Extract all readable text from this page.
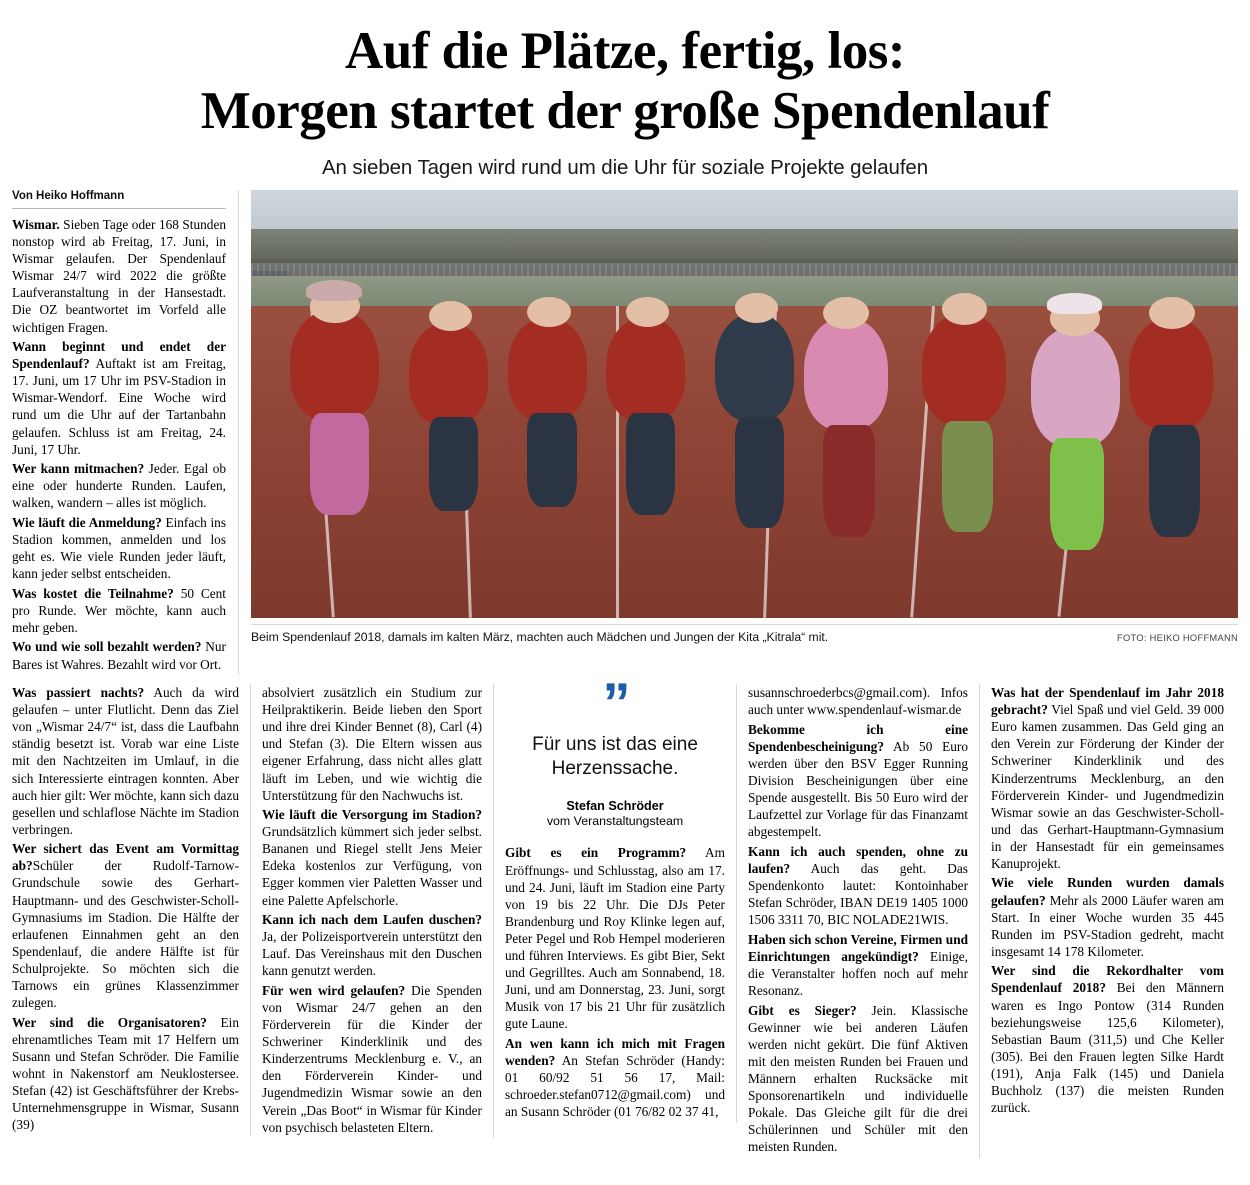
Auf die Plätze, fertig, los:
Morgen startet der große Spendenlauf
An sieben Tagen wird rund um die Uhr für soziale Projekte gelaufen
Von Heiko Hoffmann

Wismar. Sieben Tage oder 168 Stunden nonstop wird ab Freitag, 17. Juni, in Wismar gelaufen. Der Spendenlauf Wismar 24/7 wird 2022 die größte Laufveranstaltung in der Hansestadt. Die OZ beantwortet im Vorfeld alle wichtigen Fragen.

Wann beginnt und endet der Spendenlauf? Auftakt ist am Freitag, 17. Juni, um 17 Uhr im PSV-Stadion in Wismar-Wendorf. Eine Woche wird rund um die Uhr auf der Tartanbahn gelaufen. Schluss ist am Freitag, 24. Juni, 17 Uhr.

Wer kann mitmachen? Jeder. Egal ob eine oder hunderte Runden. Laufen, walken, wandern – alles ist möglich.

Wie läuft die Anmeldung? Einfach ins Stadion kommen, anmelden und los geht es. Wie viele Runden jeder läuft, kann jeder selbst entscheiden.

Was kostet die Teilnahme? 50 Cent pro Runde. Wer möchte, kann auch mehr geben.

Wo und wie soll bezahlt werden? Nur Bares ist Wahres. Bezahlt wird vor Ort.

Beim Spendenlauf 2018, damals im kalten März, machten auch Mädchen und Jungen der Kita „Kitrala“ mit.	FOTO: HEIKO HOFFMANN

Was passiert nachts? Auch da wird gelaufen – unter Flutlicht. Denn das Ziel von „Wismar 24/7“ ist, dass die Laufbahn ständig besetzt ist. Vorab war eine Liste mit den Nachtzeiten im Umlauf, in die sich Interessierte eintragen konnten. Aber auch hier gilt: Wer möchte, kann sich dazu gesellen und schlaflose Nächte im Stadion verbringen.

Wer sichert das Event am Vormittag ab?Schüler der Rudolf-Tarnow-Grundschule sowie des Gerhart-Hauptmann- und des Geschwister-Scholl-Gymnasiums im Stadion. Die Hälfte der erlaufenen Einnahmen geht an den Spendenlauf, die andere Hälfte ist für Schulprojekte. So möchten sich die Tarnows ein grünes Klassenzimmer zulegen.

Wer sind die Organisatoren? Ein ehrenamtliches Team mit 17 Helfern um Susann und Stefan Schröder. Die Familie wohnt in Nakenstorf am Neuklostersee. Stefan (42) ist Geschäftsführer der Krebs-Unternehmensgruppe in Wismar, Susann (39)

absolviert zusätzlich ein Studium zur Heilpraktikerin. Beide lieben den Sport und ihre drei Kinder Bennet (8), Carl (4) und Stefan (3). Die Eltern wissen aus eigener Erfahrung, dass nicht alles glatt läuft im Leben, und wie wichtig die Unterstützung für den Nachwuchs ist.

Wie läuft die Versorgung im Stadion? Grundsätzlich kümmert sich jeder selbst. Bananen und Riegel stellt Jens Meier Edeka kostenlos zur Verfügung, von Egger kommen vier Paletten Wasser und eine Palette Apfelschorle.

Kann ich nach dem Laufen duschen? Ja, der Polizeisportverein unterstützt den Lauf. Das Vereinshaus mit den Duschen kann genutzt werden.

Für wen wird gelaufen? Die Spenden von Wismar 24/7 gehen an den Förderverein für die Kinder der Schweriner Kinderklinik und des Kinderzentrums Mecklenburg e. V., an den Förderverein Kinder- und Jugendmedizin Wismar sowie an den Verein „Das Boot“ in Wismar für Kinder von psychisch belasteten Eltern.

”
Für uns ist das eine Herzenssache.
Stefan Schröder
vom Veranstaltungsteam

Gibt es ein Programm? Am Eröffnungs- und Schlusstag, also am 17. und 24. Juni, läuft im Stadion eine Party von 19 bis 22 Uhr. Die DJs Peter Brandenburg und Roy Klinke legen auf, Peter Pegel und Rob Hempel moderieren und führen Interviews. Es gibt Bier, Sekt und Gegrilltes. Auch am Sonnabend, 18. Juni, und am Donnerstag, 23. Juni, sorgt Musik von 17 bis 21 Uhr für zusätzlich gute Laune.

An wen kann ich mich mit Fragen wenden? An Stefan Schröder (Handy: 01 60/92 51 56 17, Mail: schroeder.stefan0712@gmail.com) und an Susann Schröder (01 76/82 02 37 41,

susannschroederbcs@gmail.com). Infos auch unter www.spendenlauf-wismar.de

Bekomme ich eine Spendenbescheinigung? Ab 50 Euro werden über den BSV Egger Running Division Bescheinigungen über eine Spende ausgestellt. Bis 50 Euro wird der Laufzettel zur Vorlage für das Finanzamt abgestempelt.

Kann ich auch spenden, ohne zu laufen? Auch das geht. Das Spendenkonto lautet: Kontoinhaber Stefan Schröder, IBAN DE19 1405 1000 1506 3311 70, BIC NOLADE21WIS.

Haben sich schon Vereine, Firmen und Einrichtungen angekündigt? Einige, die Veranstalter hoffen noch auf mehr Resonanz.

Gibt es Sieger? Jein. Klassische Gewinner wie bei anderen Läufen werden nicht gekürt. Die fünf Aktiven mit den meisten Runden bei Frauen und Männern erhalten Rucksäcke mit Sponsorenartikeln und individuelle Pokale. Das Gleiche gilt für die drei Schülerinnen und Schüler mit den meisten Runden.

Was hat der Spendenlauf im Jahr 2018 gebracht? Viel Spaß und viel Geld. 39 000 Euro kamen zusammen. Das Geld ging an den Verein zur Förderung der Kinder der Schweriner Kinderklinik und des Kinderzentrums Mecklenburg, an den Förderverein Kinder- und Jugendmedizin Wismar sowie an das Geschwister-Scholl- und das Gerhart-Hauptmann-Gymnasium in der Hansestadt für ein gemeinsames Kanuprojekt.

Wie viele Runden wurden damals gelaufen? Mehr als 2000 Läufer waren am Start. In einer Woche wurden 35 445 Runden im PSV-Stadion gedreht, macht insgesamt 14 178 Kilometer.

Wer sind die Rekordhalter vom Spendenlauf 2018? Bei den Männern waren es Ingo Pontow (314 Runden beziehungsweise 125,6 Kilometer), Sebastian Baum (311,5) und Che Keller (305). Bei den Frauen legten Silke Hardt (191), Anja Falk (145) und Daniela Buchholz (137) die meisten Runden zurück.
